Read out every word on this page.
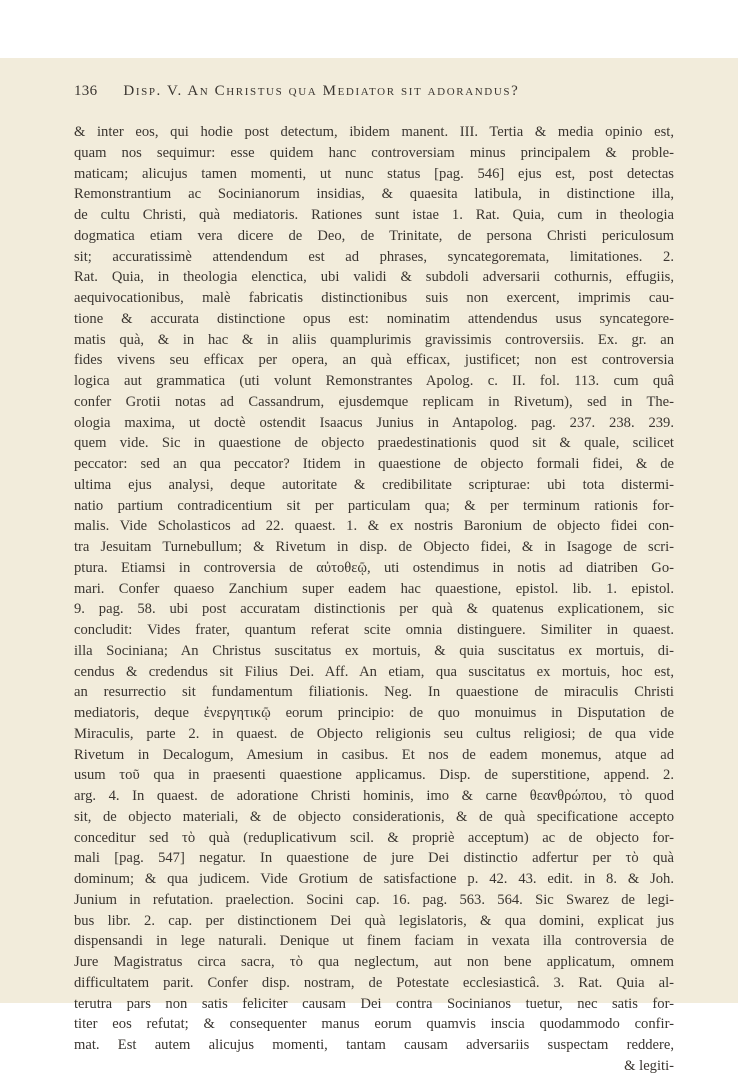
136 Disp. V. An Christus qua Mediator sit adorandus?
& inter eos, qui hodie post detectum, ibidem manent. III. Tertia & media opinio est,
quam nos sequimur: esse quidem hanc controversiam minus principalem & proble-
maticam; alicujus tamen momenti, ut nunc status [pag. 546] ejus est, post detectas
Remonstrantium ac Socinianorum insidias, & quaesita latibula, in distinctione illa,
de cultu Christi, quà mediatoris. Rationes sunt istae 1. Rat. Quia, cum in theologia
dogmatica etiam vera dicere de Deo, de Trinitate, de persona Christi periculosum
sit; accuratissimè attendendum est ad phrases, syncategoremata, limitationes. 2.
Rat. Quia, in theologia elenctica, ubi validi & subdoli adversarii cothurnis, effugiis,
aequivocationibus, malè fabricatis distinctionibus suis non exercent, imprimis cau-
tione & accurata distinctione opus est: nominatim attendendus usus syncategore-
matis quà, & in hac & in aliis quamplurimis gravissimis controversiis. Ex. gr. an
fides vivens seu efficax per opera, an quà efficax, justificet; non est controversia
logica aut grammatica (uti volunt Remonstrantes Apolog. c. II. fol. 113. cum quâ
confer Grotii notas ad Cassandrum, ejusdemque replicam in Rivetum), sed in The-
ologia maxima, ut doctè ostendit Isaacus Junius in Antapolog. pag. 237. 238. 239.
quem vide. Sic in quaestione de objecto praedestinationis quod sit & quale, scilicet
peccator: sed an qua peccator? Itidem in quaestione de objecto formali fidei, & de
ultima ejus analysi, deque autoritate & credibilitate scripturae: ubi tota distermi-
natio partium contradicentium sit per particulam qua; & per terminum rationis for-
malis. Vide Scholasticos ad 22. quaest. 1. & ex nostris Baronium de objecto fidei con-
tra Jesuitam Turnebullum; & Rivetum in disp. de Objecto fidei, & in Isagoge de scri-
ptura. Etiamsi in controversia de αὐτοθεῷ, uti ostendimus in notis ad diatriben Go-
mari. Confer quaeso Zanchium super eadem hac quaestione, epistol. lib. 1. epistol.
9. pag. 58. ubi post accuratam distinctionis per quà & quatenus explicationem, sic
concludit: Vides frater, quantum referat scite omnia distinguere. Similiter in quaest.
illa Sociniana; An Christus suscitatus ex mortuis, & quia suscitatus ex mortuis, di-
cendus & credendus sit Filius Dei. Aff. An etiam, qua suscitatus ex mortuis, hoc est,
an resurrectio sit fundamentum filiationis. Neg. In quaestione de miraculis Christi
mediatoris, deque ἐνεργητικῷ eorum principio: de quo monuimus in Disputation de
Miraculis, parte 2. in quaest. de Objecto religionis seu cultus religiosi; de qua vide
Rivetum in Decalogum, Amesium in casibus. Et nos de eadem monemus, atque ad
usum τοῦ qua in praesenti quaestione applicamus. Disp. de superstitione, append. 2.
arg. 4. In quaest. de adoratione Christi hominis, imo & carne θεανθρώπου, τὸ quod
sit, de objecto materiali, & de objecto considerationis, & de quà specificatione accepto
conceditur sed τὸ quà (reduplicativum scil. & propriè acceptum) ac de objecto for-
mali [pag. 547] negatur. In quaestione de jure Dei distinctio adfertur per τὸ quà
dominum; & qua judicem. Vide Grotium de satisfactione p. 42. 43. edit. in 8. & Joh.
Junium in refutation. praelection. Socini cap. 16. pag. 563. 564. Sic Swarez de legi-
bus libr. 2. cap. per distinctionem Dei quà legislatoris, & qua domini, explicat jus
dispensandi in lege naturali. Denique ut finem faciam in vexata illa controversia de
Jure Magistratus circa sacra, τὸ qua neglectum, aut non bene applicatum, omnem
difficultatem parit. Confer disp. nostram, de Potestate ecclesiasticâ. 3. Rat. Quia al-
terutra pars non satis feliciter causam Dei contra Socinianos tuetur, nec satis for-
titer eos refutat; & consequenter manus eorum quamvis inscia quodammodo confir-
mat. Est autem alicujus momenti, tantam causam adversariis suspectam reddere,
& legiti-
